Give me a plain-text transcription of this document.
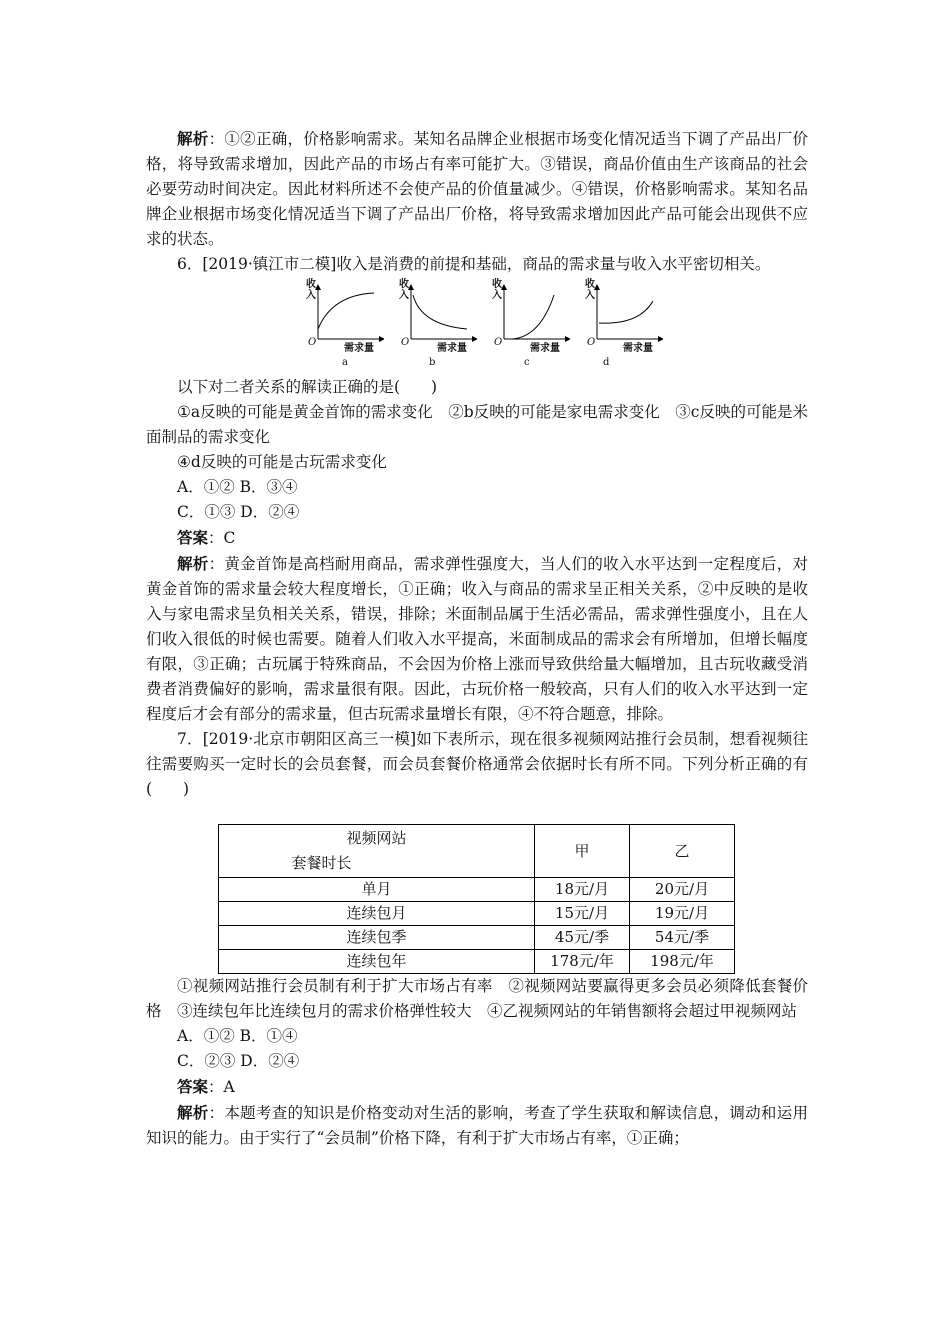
解析：①②正确，价格影响需求。某知名品牌企业根据市场变化情况适当下调了产品出厂价格，将导致需求增加，因此产品的市场占有率可能扩大。③错误，商品价值由生产该商品的社会必要劳动时间决定。因此材料所述不会使产品的价值量减少。④错误，价格影响需求。某知名品牌企业根据市场变化情况适当下调了产品出厂价格，将导致需求增加因此产品可能会出现供不应求的状态。

6．[2019·镇江市二模]收入是消费的前提和基础，商品的需求量与收入水平密切相关。

收入
O
需求量
a
收入
O
需求量
b
收入
O
需求量
c
收入
O
需求量
d

以下对二者关系的解读正确的是(　　)

①a反映的可能是黄金首饰的需求变化　②b反映的可能是家电需求变化　③c反映的可能是米面制品的需求变化

④d反映的可能是古玩需求变化

A．①② B．③④

C．①③ D．②④

答案：C

解析：黄金首饰是高档耐用商品，需求弹性强度大，当人们的收入水平达到一定程度后，对黄金首饰的需求量会较大程度增长，①正确；收入与商品的需求呈正相关关系，②中反映的是收入与家电需求呈负相关关系，错误，排除；米面制品属于生活必需品，需求弹性强度小，且在人们收入很低的时候也需要。随着人们收入水平提高，米面制成品的需求会有所增加，但增长幅度有限，③正确；古玩属于特殊商品，不会因为价格上涨而导致供给量大幅增加，且古玩收藏受消费者消费偏好的影响，需求量很有限。因此，古玩价格一般较高，只有人们的收入水平达到一定程度后才会有部分的需求量，但古玩需求量增长有限，④不符合题意，排除。

7．[2019·北京市朝阳区高三一模]如下表所示，现在很多视频网站推行会员制，想看视频往往需要购买一定时长的会员套餐，而会员套餐价格通常会依据时长有所不同。下列分析正确的有(　　)

视频网站
套餐时长	甲	乙
单月	18元/月	20元/月
连续包月	15元/月	19元/月
连续包季	45元/季	54元/季
连续包年	178元/年	198元/年

①视频网站推行会员制有利于扩大市场占有率　②视频网站要赢得更多会员必须降低套餐价格　③连续包年比连续包月的需求价格弹性较大　④乙视频网站的年销售额将会超过甲视频网站

A．①② B．①④

C．②③ D．②④

答案：A

解析：本题考查的知识是价格变动对生活的影响，考查了学生获取和解读信息，调动和运用知识的能力。由于实行了“会员制”价格下降，有利于扩大市场占有率，①正确；
